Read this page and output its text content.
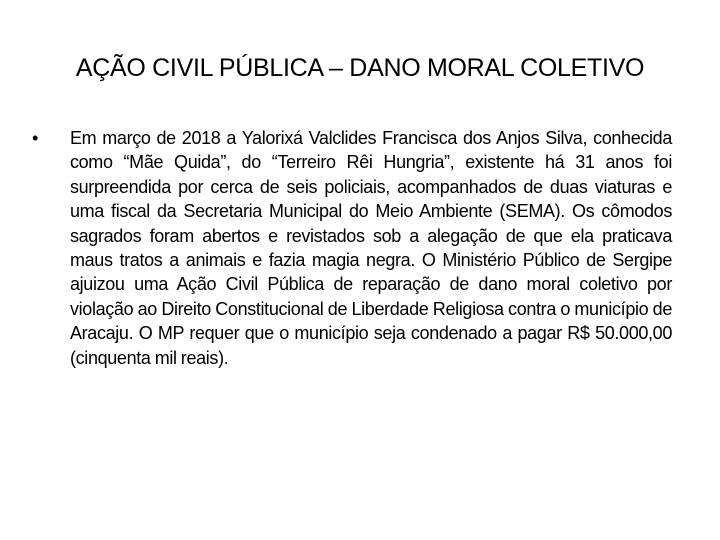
AÇÃO CIVIL PÚBLICA – DANO MORAL COLETIVO
• Em março de 2018 a Yalorixá Valclides Francisca dos Anjos Silva, conhecida como “Mãe Quida”, do “Terreiro Rêi Hungria”, existente há 31 anos foi surpreendida por cerca de seis policiais, acompanhados de duas viaturas e uma fiscal da Secretaria Municipal do Meio Ambiente (SEMA). Os cômodos sagrados foram abertos e revistados sob a alegação de que ela praticava maus tratos a animais e fazia magia negra. O Ministério Público de Sergipe ajuizou uma Ação Civil Pública de reparação de dano moral coletivo por violação ao Direito Constitucional de Liberdade Religiosa contra o município de Aracaju. O MP requer que o município seja condenado a pagar R$ 50.000,00 (cinquenta mil reais).
